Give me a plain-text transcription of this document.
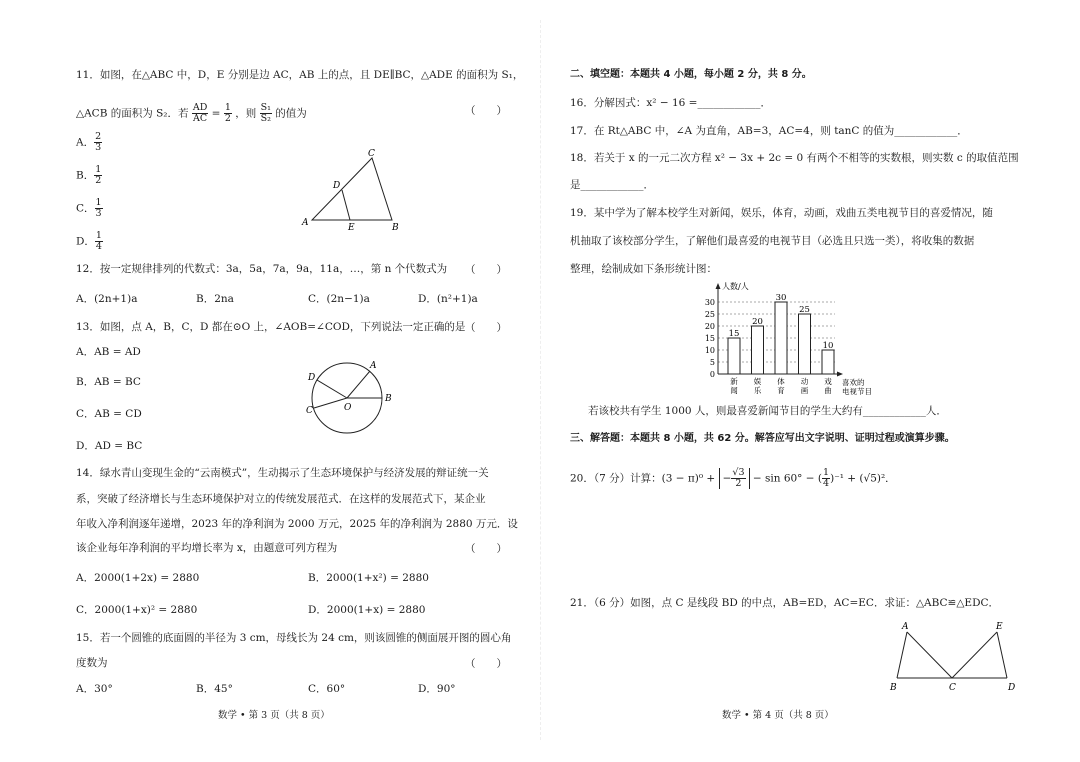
11．如图，在△ABC 中，D，E 分别是边 AC，AB 上的点，且 DE∥BC，△ADE 的面积为 S₁，
△ACB 的面积为 S₂．若 $\frac{AD}{AC} = \frac{1}{2}$ ，则 $\frac{\text{S₁}}{\text{S₂}}$ 的值为	（　　）
A． $\frac{2}{3}$
B． $\frac{1}{2}$
C． $\frac{1}{3}$
D． $\frac{1}{4}$
A	B
C
D
E
12．按一定规律排列的代数式：3a，5a，7a，9a，11a，…，第 n 个代数式为 （　　）
A．(2n+1)a	B．2na	C．(2n−1)a	D．(n²+1)a
13．如图，点 A，B，C，D 都在⊙O 上，∠AOB=∠COD，下列说法一定正确的是 （　　）
A．AB = AD
B．AB = BC
C．AB = CD
D．AD = BC
A
B
C
D
O
14．绿水青山变现生金的“云南模式”，生动揭示了生态环境保护与经济发展的辩证统一关
系，突破了经济增长与生态环境保护对立的传统发展范式．在这样的发展范式下，某企业
年收入净利润逐年递增，2023 年的净利润为 2000 万元，2025 年的净利润为 2880 万元．设
该企业每年净利润的平均增长率为 x，由题意可列方程为	（　　）
A．2000(1+2x) = 2880	B．2000(1+x²) = 2880
C．2000(1+x)² = 2880	D．2000(1+x) = 2880
15．若一个圆锥的底面圆的半径为 3 cm，母线长为 24 cm，则该圆锥的侧面展开图的圆心角
度数为	（　　）
A．30°	B．45°	C．60°	D．90°
数学 • 第 3 页（共 8 页）
二、填空题：本题共 4 小题，每小题 2 分，共 8 分。
16．分解因式：x² − 16 =____________．
17．在 Rt△ABC 中，∠A 为直角，AB=3，AC=4，则 tanC 的值为____________．
18．若关于 x 的一元二次方程 x² − 3x + 2c = 0 有两个不相等的实数根，则实数 c 的取值范围
是____________．
19．某中学为了解本校学生对新闻，娱乐，体育，动画，戏曲五类电视节目的喜爱情况，随
机抽取了该校部分学生，了解他们最喜爱的电视节目（必选且只选一类），将收集的数据
整理，绘制成如下条形统计图：
15
20
30
25
10
0
5
10
15
20
25
30
新
闻
娱
乐
体
育
动
画
戏
曲
喜欢的
电视节目
人数/人
若该校共有学生 1000 人，则最喜爱新闻节目的学生大约有____________人．
三、解答题：本题共 8 小题，共 62 分。解答应写出文字说明、证明过程或演算步骤。
20．（7 分）计算：(3 − π)⁰ + − $\frac{√3}{2} - \sin 60^\circ$ − ( $\frac{1}{4} )^{-1} + (√5)^2$．
21．（6 分）如图，点 C 是线段 BD 的中点，AB=ED，AC=EC．求证：△ABC≌△EDC．
A
B	C	D
E
数学 • 第 4 页（共 8 页）
